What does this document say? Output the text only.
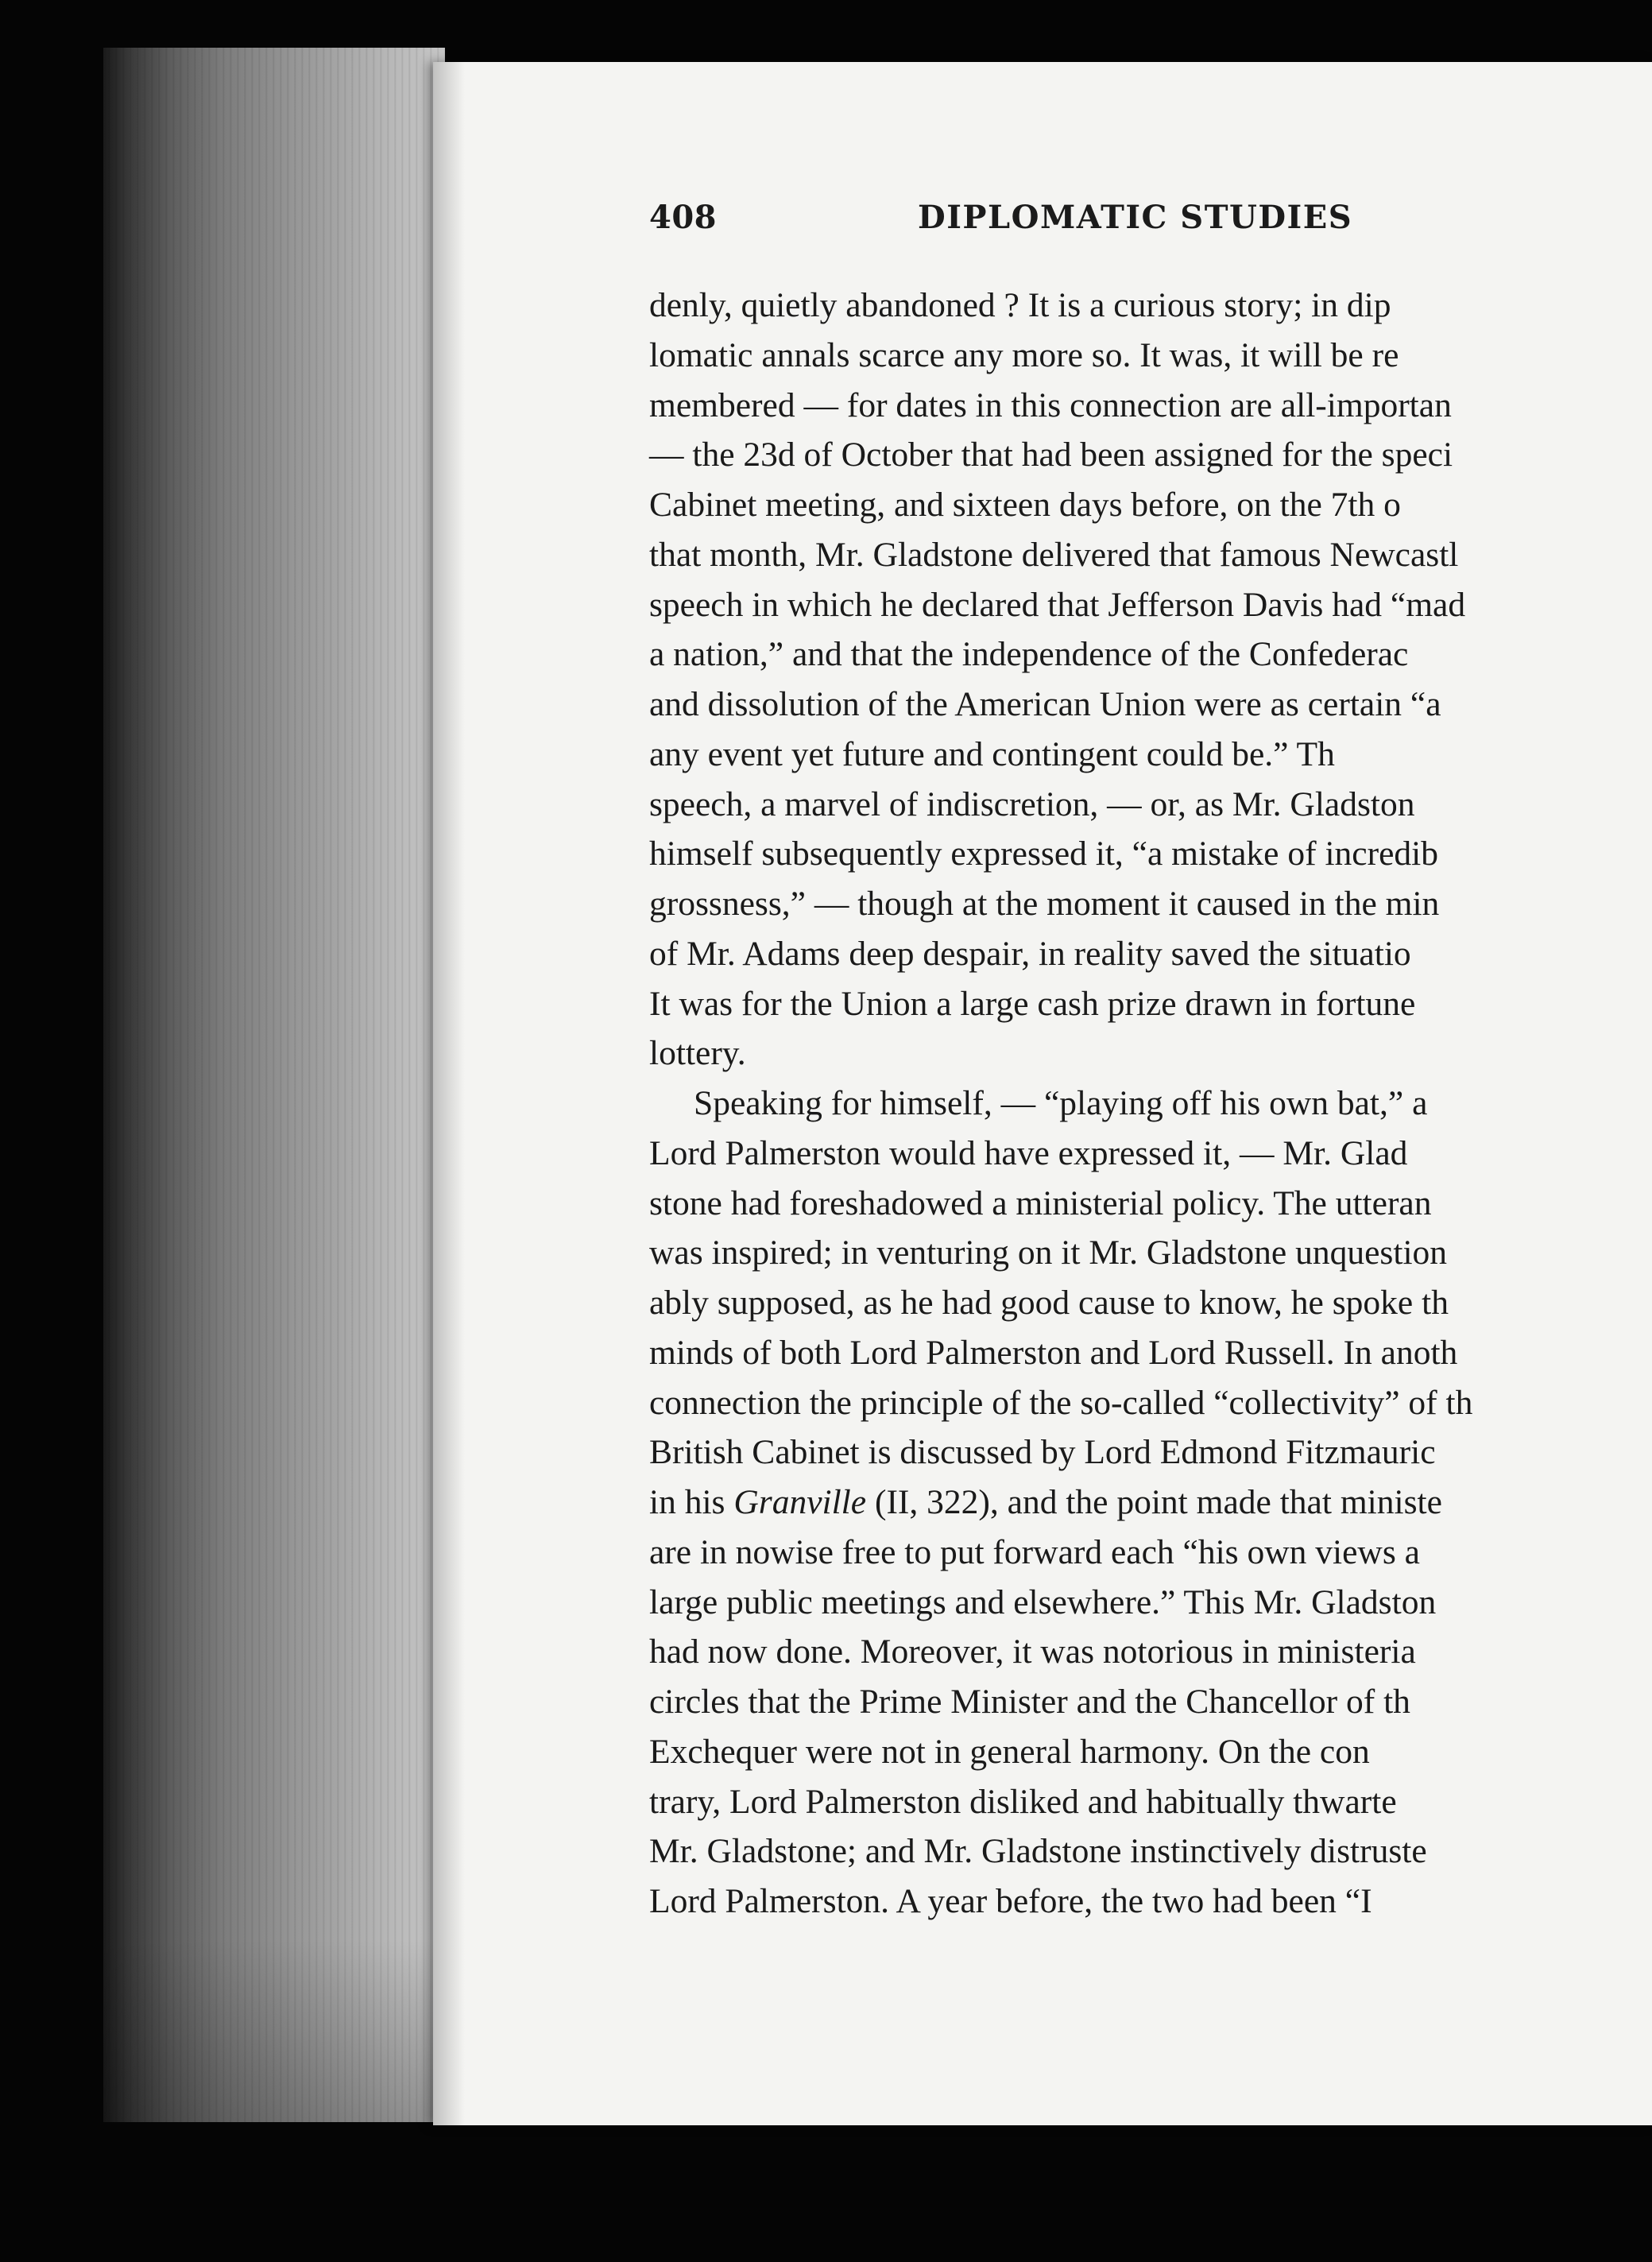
408	DIPLOMATIC STUDIES
denly, quietly abandoned ? It is a curious story; in dip
lomatic annals scarce any more so. It was, it will be re
membered — for dates in this connection are all-importan
— the 23d of October that had been assigned for the speci
Cabinet meeting, and sixteen days before, on the 7th o
that month, Mr. Gladstone delivered that famous Newcastl
speech in which he declared that Jefferson Davis had “mad
a nation,” and that the independence of the Confederac
and dissolution of the American Union were as certain “a
any event yet future and contingent could be.” Th
speech, a marvel of indiscretion, — or, as Mr. Gladston
himself subsequently expressed it, “a mistake of incredib
grossness,” — though at the moment it caused in the min
of Mr. Adams deep despair, in reality saved the situatio
It was for the Union a large cash prize drawn in fortune
lottery.
Speaking for himself, — “playing off his own bat,” a
Lord Palmerston would have expressed it, — Mr. Glad
stone had foreshadowed a ministerial policy. The utteran
was inspired; in venturing on it Mr. Gladstone unquestion
ably supposed, as he had good cause to know, he spoke th
minds of both Lord Palmerston and Lord Russell. In anoth
connection the principle of the so-called “collectivity” of th
British Cabinet is discussed by Lord Edmond Fitzmauric
in his Granville (II, 322), and the point made that ministe
are in nowise free to put forward each “his own views a
large public meetings and elsewhere.” This Mr. Gladston
had now done. Moreover, it was notorious in ministeria
circles that the Prime Minister and the Chancellor of th
Exchequer were not in general harmony. On the con
trary, Lord Palmerston disliked and habitually thwarte
Mr. Gladstone; and Mr. Gladstone instinctively distruste
Lord Palmerston. A year before, the two had been “I
